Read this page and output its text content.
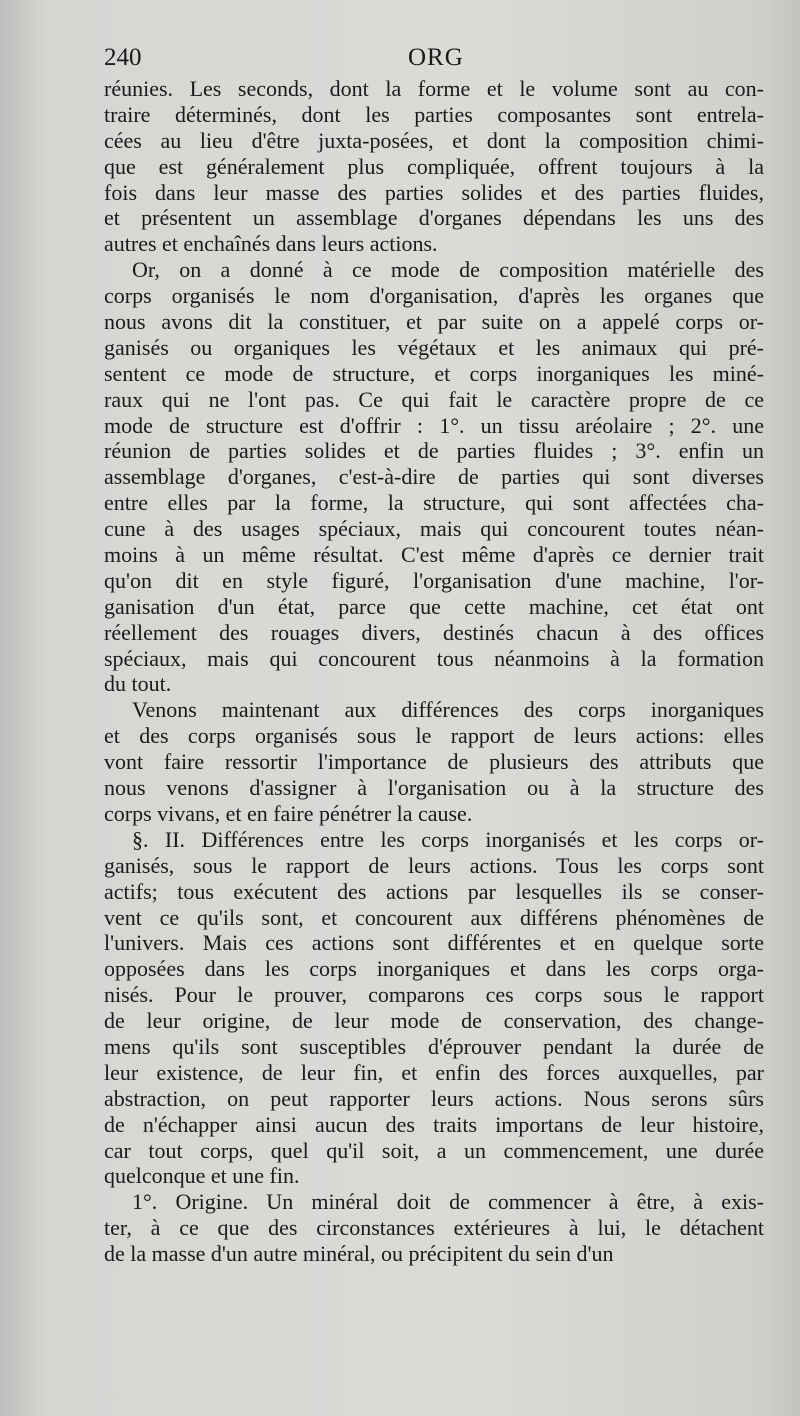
240	ORG
réunies. Les seconds, dont la forme et le volume sont au con-
traire déterminés, dont les parties composantes sont entrela-
cées au lieu d'être juxta-posées, et dont la composition chimi-
que est généralement plus compliquée, offrent toujours à la
fois dans leur masse des parties solides et des parties fluides,
et présentent un assemblage d'organes dépendans les uns des
autres et enchaînés dans leurs actions.
Or, on a donné à ce mode de composition matérielle des
corps organisés le nom d'organisation, d'après les organes que
nous avons dit la constituer, et par suite on a appelé corps or-
ganisés ou organiques les végétaux et les animaux qui pré-
sentent ce mode de structure, et corps inorganiques les miné-
raux qui ne l'ont pas. Ce qui fait le caractère propre de ce
mode de structure est d'offrir : 1°. un tissu aréolaire ; 2°. une
réunion de parties solides et de parties fluides ; 3°. enfin un
assemblage d'organes, c'est-à-dire de parties qui sont diverses
entre elles par la forme, la structure, qui sont affectées cha-
cune à des usages spéciaux, mais qui concourent toutes néan-
moins à un même résultat. C'est même d'après ce dernier trait
qu'on dit en style figuré, l'organisation d'une machine, l'or-
ganisation d'un état, parce que cette machine, cet état ont
réellement des rouages divers, destinés chacun à des offices
spéciaux, mais qui concourent tous néanmoins à la formation
du tout.
Venons maintenant aux différences des corps inorganiques
et des corps organisés sous le rapport de leurs actions: elles
vont faire ressortir l'importance de plusieurs des attributs que
nous venons d'assigner à l'organisation ou à la structure des
corps vivans, et en faire pénétrer la cause.
§. II. Différences entre les corps inorganisés et les corps or-
ganisés, sous le rapport de leurs actions. Tous les corps sont
actifs; tous exécutent des actions par lesquelles ils se conser-
vent ce qu'ils sont, et concourent aux différens phénomènes de
l'univers. Mais ces actions sont différentes et en quelque sorte
opposées dans les corps inorganiques et dans les corps orga-
nisés. Pour le prouver, comparons ces corps sous le rapport
de leur origine, de leur mode de conservation, des change-
mens qu'ils sont susceptibles d'éprouver pendant la durée de
leur existence, de leur fin, et enfin des forces auxquelles, par
abstraction, on peut rapporter leurs actions. Nous serons sûrs
de n'échapper ainsi aucun des traits importans de leur histoire,
car tout corps, quel qu'il soit, a un commencement, une durée
quelconque et une fin.
1°. Origine. Un minéral doit de commencer à être, à exis-
ter, à ce que des circonstances extérieures à lui, le détachent
de la masse d'un autre minéral, ou précipitent du sein d'un
